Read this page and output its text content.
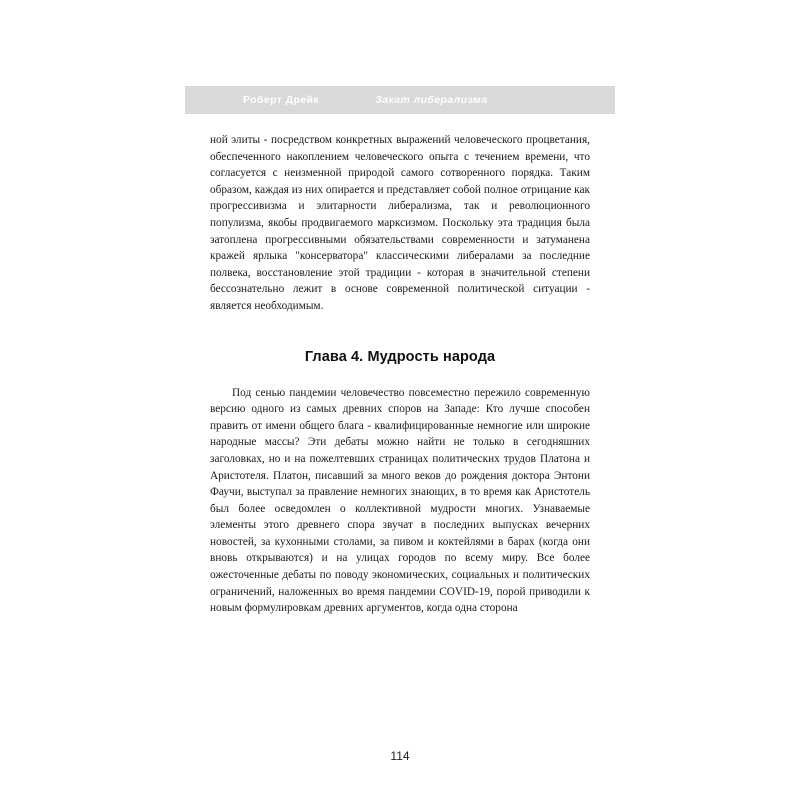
Роберт Дрейк	Закат либерализма

ной элиты - посредством конкретных выражений человеческого процветания, обеспеченного накоплением человеческого опыта с течением времени, что согласуется с неизменной природой самого сотворенного порядка. Таким образом, каждая из них опирается и представляет собой полное отрицание как прогрессивизма и элитарности либерализма, так и революционного популизма, якобы продвигаемого марксизмом. Поскольку эта традиция была затоплена прогрессивными обязательствами современности и затуманена кражей ярлыка "консерватора" классическими либералами за последние полвека, восстановление этой традиции - которая в значительной степени бессознательно лежит в основе современной политической ситуации - является необходимым.

Глава 4. Мудрость народа

Под сенью пандемии человечество повсеместно пережило современную версию одного из самых древних споров на Западе: Кто лучше способен править от имени общего блага - квалифицированные немногие или широкие народные массы? Эти дебаты можно найти не только в сегодняшних заголовках, но и на пожелтевших страницах политических трудов Платона и Аристотеля. Платон, писавший за много веков до рождения доктора Энтони Фаучи, выступал за правление немногих знающих, в то время как Аристотель был более осведомлен о коллективной мудрости многих. Узнаваемые элементы этого древнего спора звучат в последних выпусках вечерних новостей, за кухонными столами, за пивом и коктейлями в барах (когда они вновь открываются) и на улицах городов по всему миру. Все более ожесточенные дебаты по поводу экономических, социальных и политических ограничений, наложенных во время пандемии COVID-19, порой приводили к новым формулировкам древних аргументов, когда одна сторона

114
